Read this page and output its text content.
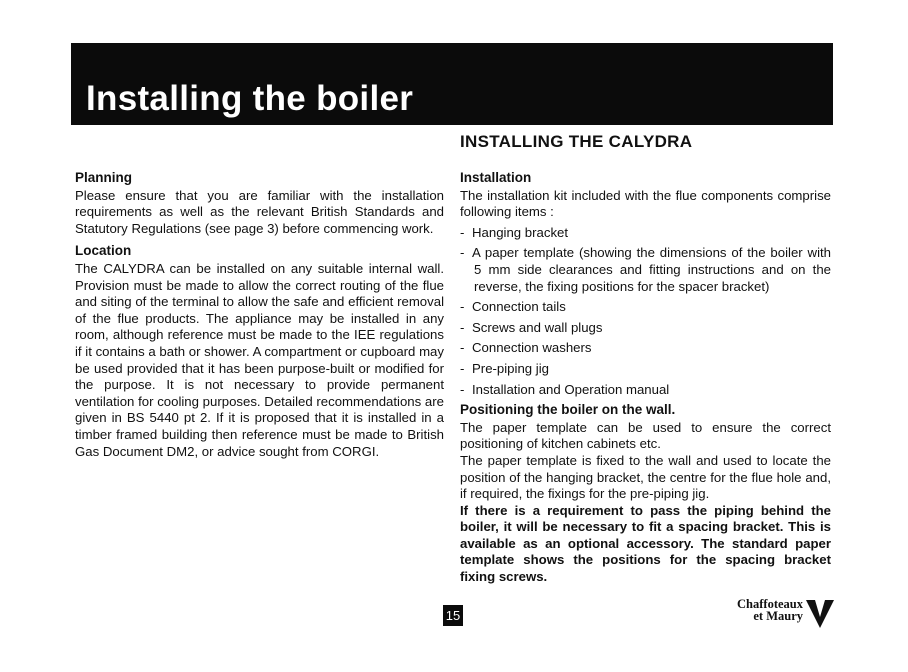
Installing the boiler
INSTALLING THE CALYDRA
Planning

Please ensure that you are familiar with the installation requirements as well as the relevant British Standards and Statutory Regulations (see page 3) before commencing work.

Location

The CALYDRA can be installed on any suitable internal wall. Provision must be made to allow the correct routing of the flue and siting of the terminal to allow the safe and efficient removal of the flue products. The appliance may be installed in any room, although reference must be made to the IEE regulations if it contains a bath or shower. A compartment or cupboard may be used provided that it has been purpose-built or modified for the purpose. It is not necessary to provide permanent ventilation for cooling purposes. Detailed recommendations are given in BS 5440 pt 2. If it is proposed that it is installed in a timber framed building then reference must be made to British Gas Document DM2, or advice sought from CORGI.

Installation

The installation kit included with the flue components comprise following items :

- Hanging bracket
- A paper template (showing the dimensions of the boiler with 5 mm side clearances and fitting instructions and on the reverse, the fixing positions for the spacer bracket)
- Connection tails
- Screws and wall plugs
- Connection washers
- Pre-piping jig
- Installation and Operation manual
Positioning the boiler on the wall.

The paper template can be used to ensure the correct positioning of kitchen cabinets etc.

The paper template is fixed to the wall and used to locate the position of the hanging bracket, the centre for the flue hole and, if required, the fixings for the pre-piping jig.

If there is a requirement to pass the piping behind the boiler, it will be necessary to fit a spacing bracket. This is available as an optional accessory. The standard paper template shows the positions for the spacing bracket fixing screws.

15
Chaffoteaux
et Maury
